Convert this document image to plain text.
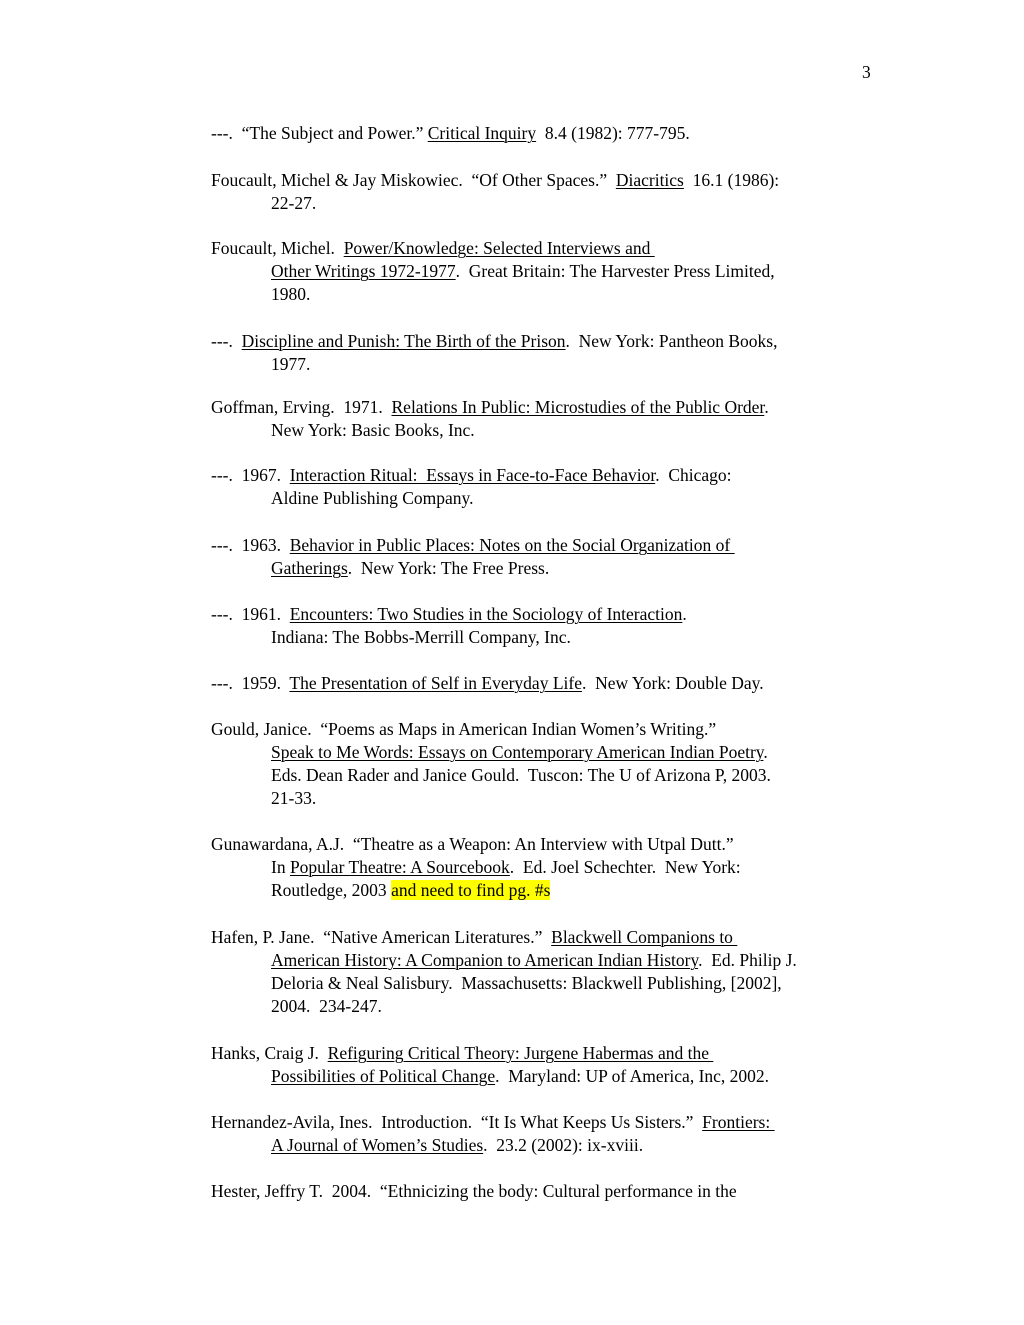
3
---.  “The Subject and Power.” Critical Inquiry  8.4 (1982): 777-795.
Foucault, Michel & Jay Miskowiec.  “Of Other Spaces.”  Diacritics  16.1 (1986):
22-27.
Foucault, Michel.  Power/Knowledge: Selected Interviews and
Other Writings 1972-1977.  Great Britain: The Harvester Press Limited,
1980.
---.  Discipline and Punish: The Birth of the Prison.  New York: Pantheon Books,
1977.
Goffman, Erving.  1971.  Relations In Public: Microstudies of the Public Order.
New York: Basic Books, Inc.
---.  1967.  Interaction Ritual:  Essays in Face-to-Face Behavior.  Chicago:
Aldine Publishing Company.
---.  1963.  Behavior in Public Places: Notes on the Social Organization of
Gatherings.  New York: The Free Press.
---.  1961.  Encounters: Two Studies in the Sociology of Interaction.
Indiana: The Bobbs-Merrill Company, Inc.
---.  1959.  The Presentation of Self in Everyday Life.  New York: Double Day.
Gould, Janice.  “Poems as Maps in American Indian Women’s Writing.”
Speak to Me Words: Essays on Contemporary American Indian Poetry.
Eds. Dean Rader and Janice Gould.  Tuscon: The U of Arizona P, 2003.
21-33.
Gunawardana, A.J.  “Theatre as a Weapon: An Interview with Utpal Dutt.”
In Popular Theatre: A Sourcebook.  Ed. Joel Schechter.  New York:
Routledge, 2003 and need to find pg. #s
Hafen, P. Jane.  “Native American Literatures.”  Blackwell Companions to
American History: A Companion to American Indian History.  Ed. Philip J.
Deloria & Neal Salisbury.  Massachusetts: Blackwell Publishing, [2002],
2004.  234-247.
Hanks, Craig J.  Refiguring Critical Theory: Jurgene Habermas and the
Possibilities of Political Change.  Maryland: UP of America, Inc, 2002.
Hernandez-Avila, Ines.  Introduction.  “It Is What Keeps Us Sisters.”  Frontiers:
A Journal of Women’s Studies.  23.2 (2002): ix-xviii.
Hester, Jeffry T.  2004.  “Ethnicizing the body: Cultural performance in the
